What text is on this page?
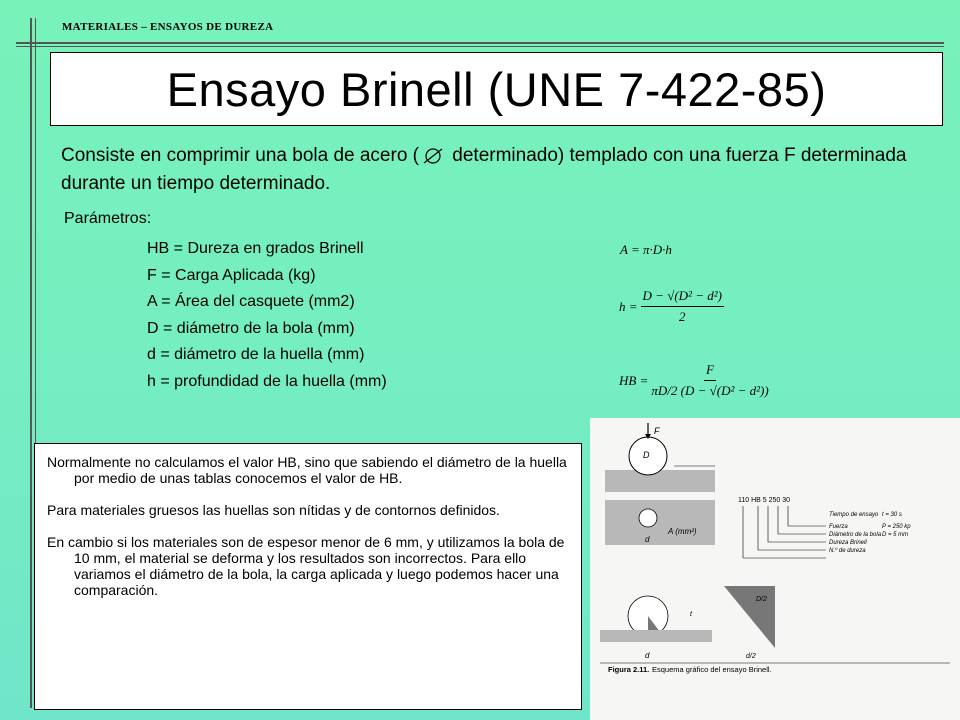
MATERIALES – ENSAYOS DE DUREZA
Ensayo Brinell (UNE 7-422-85)
Consiste en comprimir una bola de acero (
determinado) templado con una fuerza F determinada durante un tiempo determinado.
Parámetros:
HB = Dureza en grados Brinell
F = Carga Aplicada (kg)
A = Área del casquete (mm2)
D = diámetro de la bola (mm)
d = diámetro de la huella (mm)
h = profundidad de la huella (mm)
A = π·D·h
$h = \frac{\text{D − √(D² − d²)}}{2}$
HB = $\frac{F}{\text{πD/2 (D − √(D² − d²))}}$

Normalmente no calculamos el valor HB, sino que sabiendo el diámetro de la huella por medio de unas tablas conocemos el valor de HB.

Para materiales gruesos las huellas son nítidas y de contornos definidos.

En cambio si los materiales son de espesor menor de 6 mm, y utilizamos la bola de 10 mm, el material se deforma y los resultados son incorrectos. Para ello variamos el diámetro de la bola, la carga aplicada y luego podemos hacer una comparación.

F
D
A (mm²)
d
110 HB 5 250 30
Tiempo de ensayo
Fuerza
Diámetro de la bola
Dureza Brinell
N.º de dureza
t = 30 s
P = 250 kp
D = 5 mm
d
t
D/2
d/2
Figura 2.11. Esquema gráfico del ensayo Brinell.
